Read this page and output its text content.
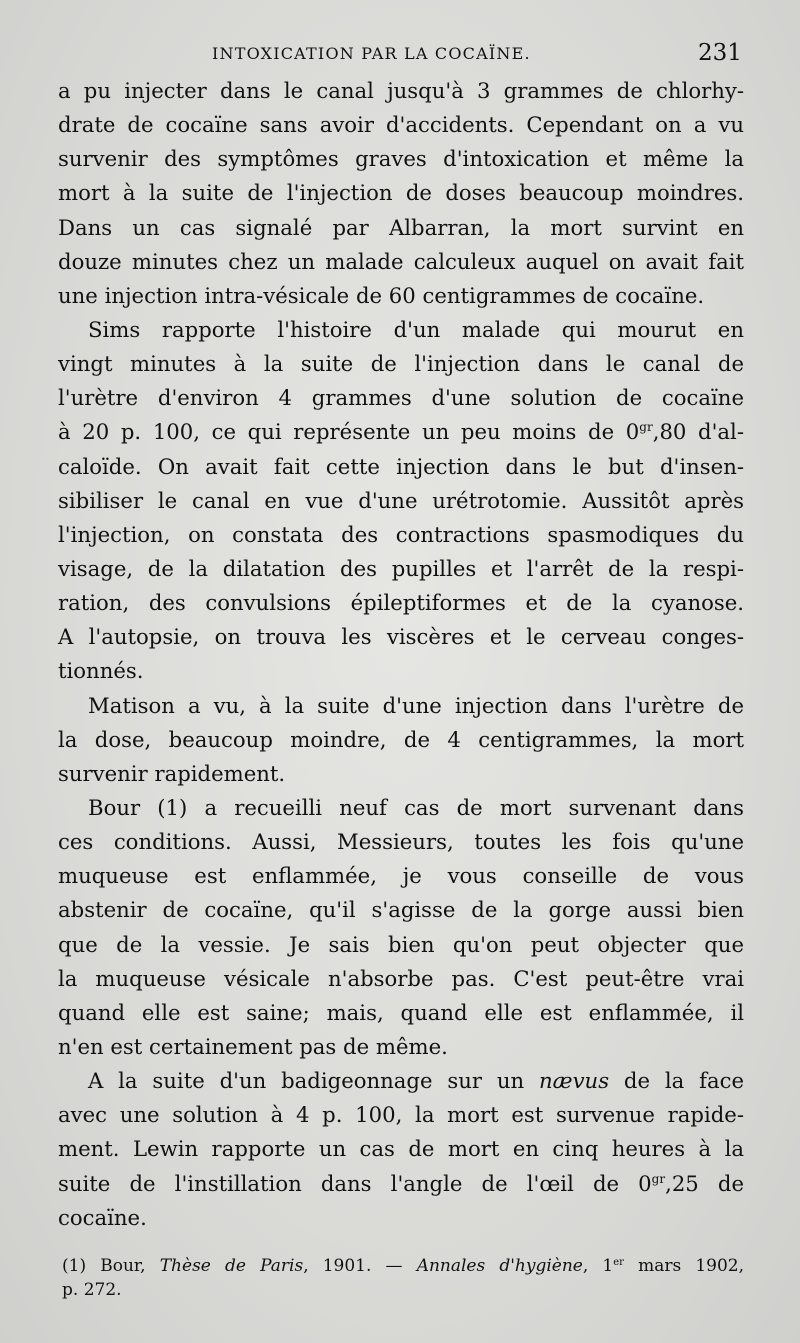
INTOXICATION PAR LA COCAÏNE.	231
a pu injecter dans le canal jusqu'à 3 grammes de chlorhy-
drate de cocaïne sans avoir d'accidents. Cependant on a vu
survenir des symptômes graves d'intoxication et même la
mort à la suite de l'injection de doses beaucoup moindres.
Dans un cas signalé par Albarran, la mort survint en
douze minutes chez un malade calculeux auquel on avait fait
une injection intra-vésicale de 60 centigrammes de cocaïne.
Sims rapporte l'histoire d'un malade qui mourut en
vingt minutes à la suite de l'injection dans le canal de
l'urètre d'environ 4 grammes d'une solution de cocaïne
à 20 p. 100, ce qui représente un peu moins de $0^{gr},80$ d'al-
caloïde. On avait fait cette injection dans le but d'insen-
sibiliser le canal en vue d'une urétrotomie. Aussitôt après
l'injection, on constata des contractions spasmodiques du
visage, de la dilatation des pupilles et l'arrêt de la respi-
ration, des convulsions épileptiformes et de la cyanose.
A l'autopsie, on trouva les viscères et le cerveau conges-
tionnés.
Matison a vu, à la suite d'une injection dans l'urètre de
la dose, beaucoup moindre, de 4 centigrammes, la mort
survenir rapidement.
Bour (1) a recueilli neuf cas de mort survenant dans
ces conditions. Aussi, Messieurs, toutes les fois qu'une
muqueuse est enflammée, je vous conseille de vous
abstenir de cocaïne, qu'il s'agisse de la gorge aussi bien
que de la vessie. Je sais bien qu'on peut objecter que
la muqueuse vésicale n'absorbe pas. C'est peut-être vrai
quand elle est saine; mais, quand elle est enflammée, il
n'en est certainement pas de même.
A la suite d'un badigeonnage sur un nævus de la face
avec une solution à 4 p. 100, la mort est survenue rapide-
ment. Lewin rapporte un cas de mort en cinq heures à la
suite de l'instillation dans l'angle de l'œil de $0^{gr},25$ de
cocaïne.
(1) Bour, Thèse de Paris, 1901. — Annales d'hygiène, 1er mars 1902,
p. 272.
